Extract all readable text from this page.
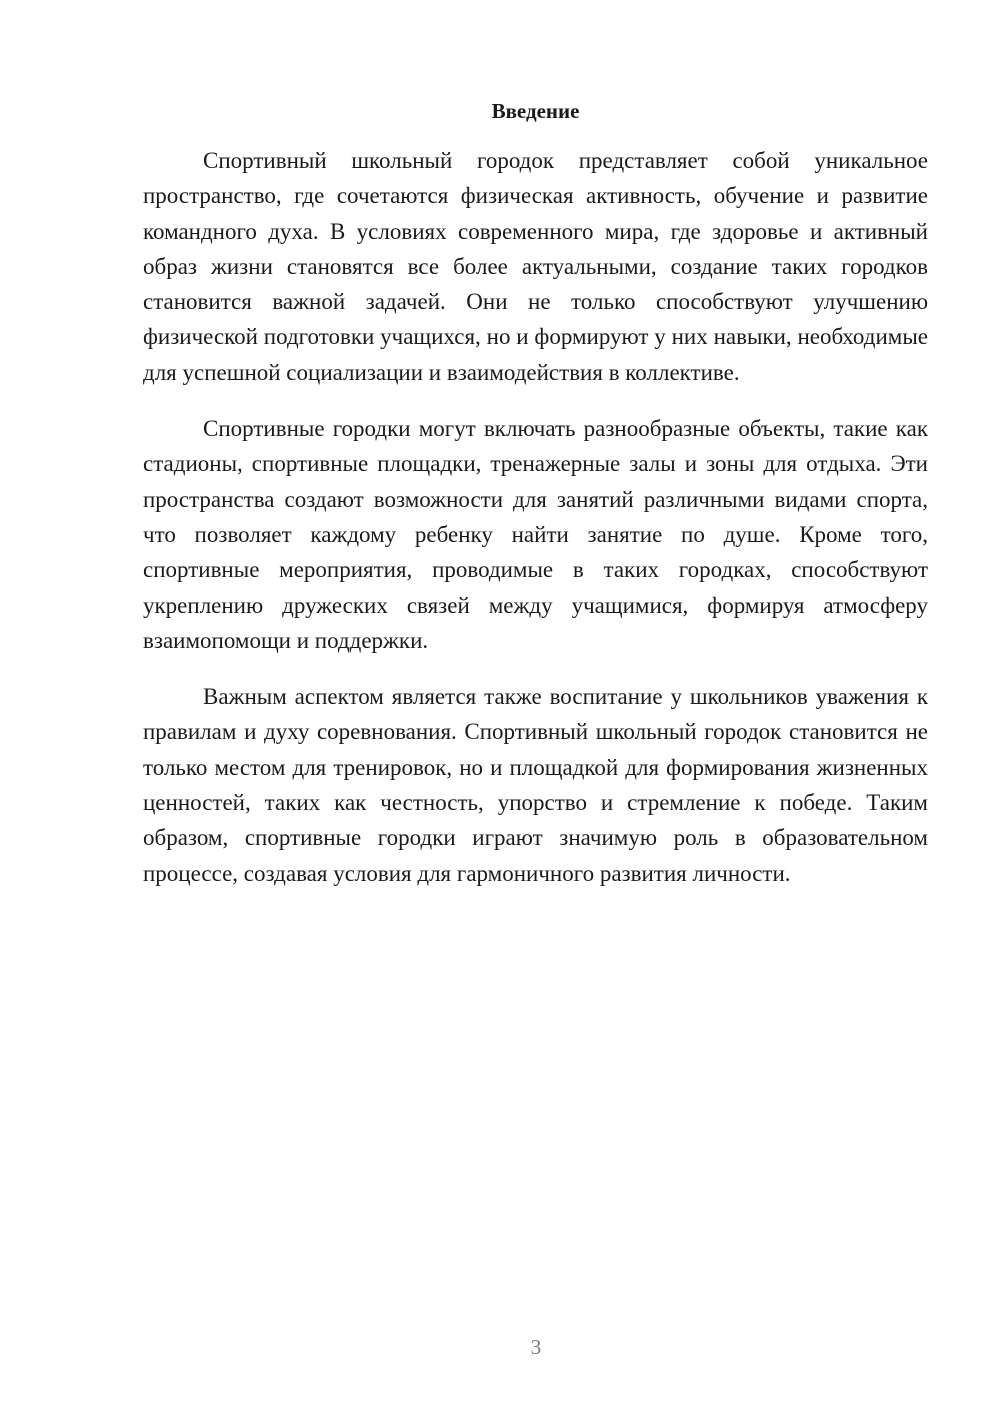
Введение

Спортивный школьный городок представляет собой уникальное пространство, где сочетаются физическая активность, обучение и развитие командного духа. В условиях современного мира, где здоровье и активный образ жизни становятся все более актуальными, создание таких городков становится важной задачей. Они не только способствуют улучшению физической подготовки учащихся, но и формируют у них навыки, необходимые для успешной социализации и взаимодействия в коллективе.

Спортивные городки могут включать разнообразные объекты, такие как стадионы, спортивные площадки, тренажерные залы и зоны для отдыха. Эти пространства создают возможности для занятий различными видами спорта, что позволяет каждому ребенку найти занятие по душе. Кроме того, спортивные мероприятия, проводимые в таких городках, способствуют укреплению дружеских связей между учащимися, формируя атмосферу взаимопомощи и поддержки.

Важным аспектом является также воспитание у школьников уважения к правилам и духу соревнования. Спортивный школьный городок становится не только местом для тренировок, но и площадкой для формирования жизненных ценностей, таких как честность, упорство и стремление к победе. Таким образом, спортивные городки играют значимую роль в образовательном процессе, создавая условия для гармоничного развития личности.

3
